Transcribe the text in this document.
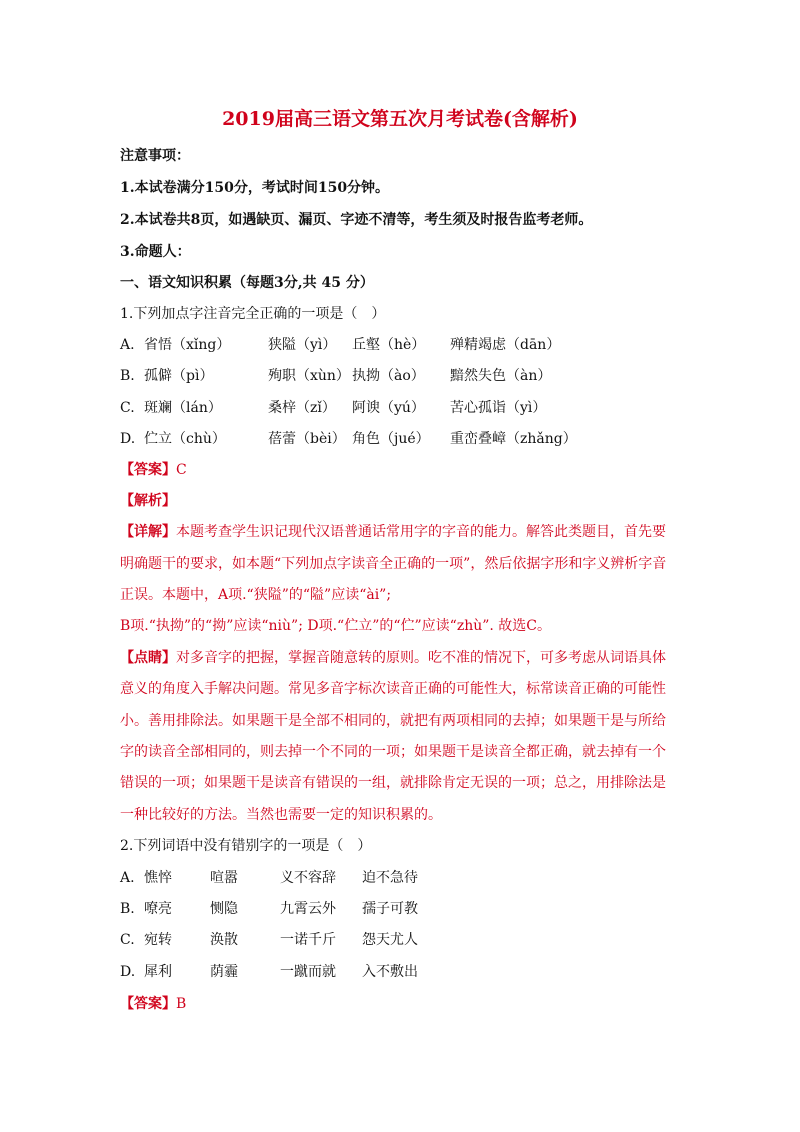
2019届高三语文第五次月考试卷(含解析)
注意事项：
1.本试卷满分150分，考试时间150分钟。
2.本试卷共8页，如遇缺页、漏页、字迹不清等，考生须及时报告监考老师。
3.命题人：
一、语文知识积累（每题3分,共 45 分）
1.下列加点字注音完全正确的一项是（　）
A. 省悟（xǐng）	狭隘（yì） 丘壑（hè） 殚精竭虑（dān）
B. 孤僻（pì）	殉职（xùn） 执拗（ào） 黯然失色（àn）
C. 斑斓（lán）	桑梓（zǐ） 阿谀（yú） 苦心孤诣（yì）
D. 伫立（chù）	蓓蕾（bèi） 角色（jué） 重峦叠嶂（zhǎng）
【答案】C
【解析】
【详解】本题考查学生识记现代汉语普通话常用字的字音的能力。解答此类题目，首先要
明确题干的要求，如本题“下列加点字读音全正确的一项”，然后依据字形和字义辨析字音
正误。本题中，A项.“狭隘”的“隘”应读“ài”;
B项.“执拗”的“拗”应读“niù”; D项.“伫立”的“伫”应读“zhù”. 故选C。
【点睛】对多音字的把握，掌握音随意转的原则。吃不准的情况下，可多考虑从词语具体
意义的角度入手解决问题。常见多音字标次读音正确的可能性大，标常读音正确的可能性
小。善用排除法。如果题干是全部不相同的，就把有两项相同的去掉；如果题干是与所给
字的读音全部相同的，则去掉一个不同的一项；如果题干是读音全都正确，就去掉有一个
错误的一项；如果题干是读音有错误的一组，就排除肯定无误的一项；总之，用排除法是
一种比较好的方法。当然也需要一定的知识积累的。
2.下列词语中没有错别字的一项是（　）
A. 憔悴	喧嚣	义不容辞 迫不急待
B. 嘹亮	恻隐	九霄云外 孺子可教
C. 宛转	涣散	一诺千斤 怨天尤人
D. 犀利	荫霾	一蹴而就 入不敷出
【答案】B
